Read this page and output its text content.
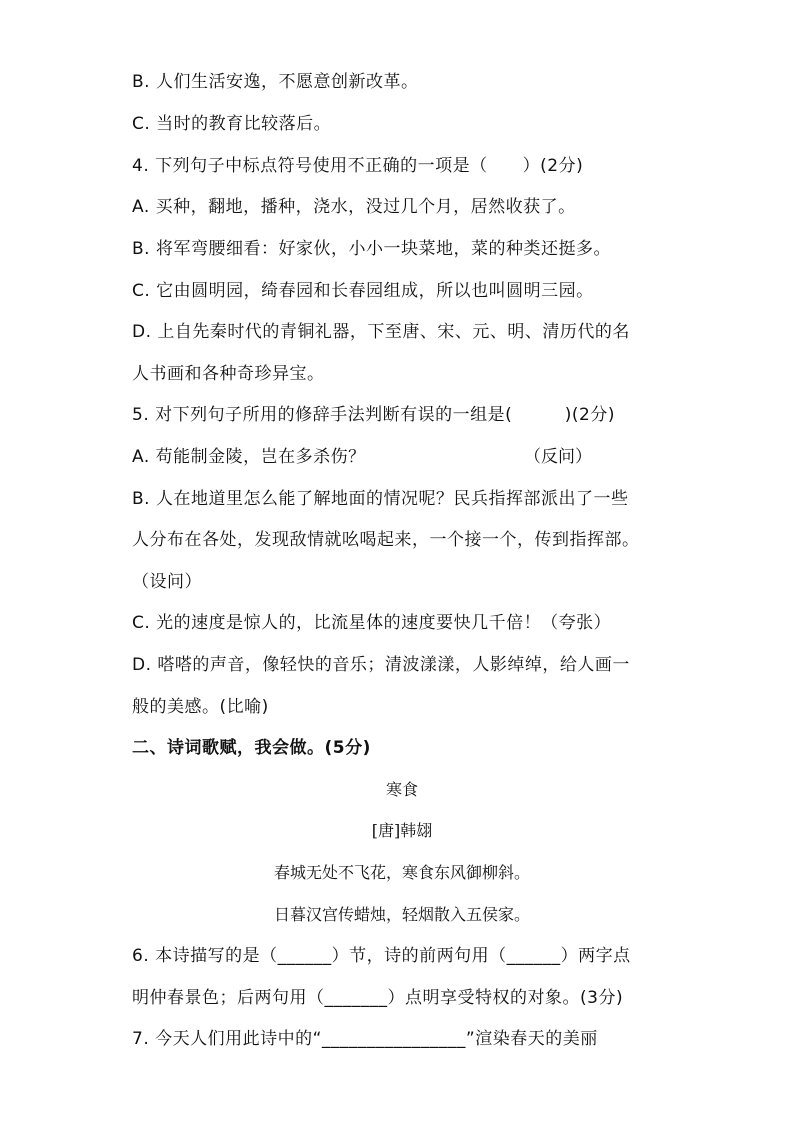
B. 人们生活安逸，不愿意创新改革。
C. 当时的教育比较落后。
4. 下列句子中标点符号使用不正确的一项是（　　）(2分)
A. 买种，翻地，播种，浇水，没过几个月，居然收获了。
B. 将军弯腰细看：好家伙，小小一块菜地，菜的种类还挺多。
C. 它由圆明园，绮春园和长春园组成，所以也叫圆明三园。
D. 上自先秦时代的青铜礼器，下至唐、宋、元、明、清历代的名
人书画和各种奇珍异宝。
5. 对下列句子所用的修辞手法判断有误的一组是(　　　)(2分)
A. 苟能制金陵，岂在多杀伤？	（反问）
B. 人在地道里怎么能了解地面的情况呢？民兵指挥部派出了一些
人分布在各处，发现敌情就吆喝起来，一个接一个，传到指挥部。
（设问）
C. 光的速度是惊人的，比流星体的速度要快几千倍！（夸张）
D. 嗒嗒的声音，像轻快的音乐；清波漾漾，人影绰绰，给人画一
般的美感。(比喻)
二、诗词歌赋，我会做。(5分)
寒食
[唐]韩翃
春城无处不飞花，寒食东风御柳斜。
日暮汉宫传蜡烛，轻烟散入五侯家。
6. 本诗描写的是（______）节，诗的前两句用（______）两字点
明仲春景色；后两句用（_______）点明享受特权的对象。(3分)
7. 今天人们用此诗中的“________________”渲染春天的美丽
